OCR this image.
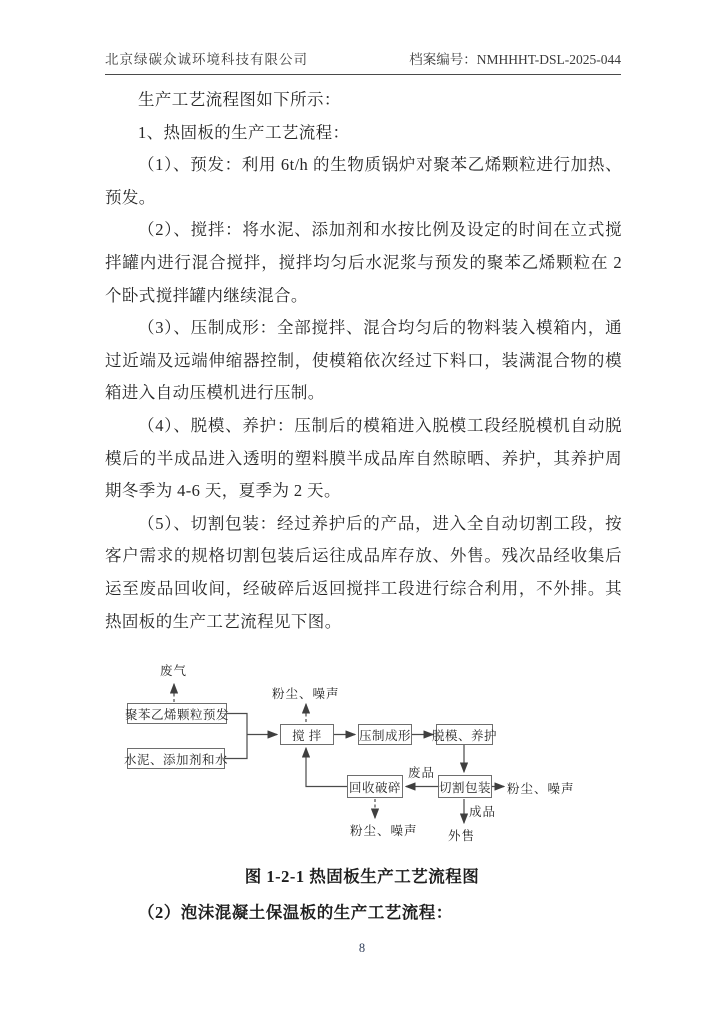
北京绿碳众诚环境科技有限公司	档案编号：NMHHHT-DSL-2025-044

生产工艺流程图如下所示：

1、热固板的生产工艺流程：

（1）、预发：利用 6t/h 的生物质锅炉对聚苯乙烯颗粒进行加热、预发。

（2）、搅拌：将水泥、添加剂和水按比例及设定的时间在立式搅拌罐内进行混合搅拌，搅拌均匀后水泥浆与预发的聚苯乙烯颗粒在 2 个卧式搅拌罐内继续混合。

（3）、压制成形：全部搅拌、混合均匀后的物料装入模箱内，通过近端及远端伸缩器控制，使模箱依次经过下料口，装满混合物的模箱进入自动压模机进行压制。

（4）、脱模、养护：压制后的模箱进入脱模工段经脱模机自动脱模后的半成品进入透明的塑料膜半成品库自然晾晒、养护，其养护周期冬季为 4-6 天，夏季为 2 天。

（5）、切割包装：经过养护后的产品，进入全自动切割工段，按客户需求的规格切割包装后运往成品库存放、外售。残次品经收集后运至废品回收间，经破碎后返回搅拌工段进行综合利用，不外排。其热固板的生产工艺流程见下图。

聚苯乙烯颗粒预发
水泥、添加剂和水
搅 拌	压制成形 脱模、养护
切割包装
回收破碎
废气
粉尘、噪声
废品
粉尘、噪声
粉尘、噪声
成品
外售
图 1-2-1 热固板生产工艺流程图
（2）泡沫混凝土保温板的生产工艺流程：
8
